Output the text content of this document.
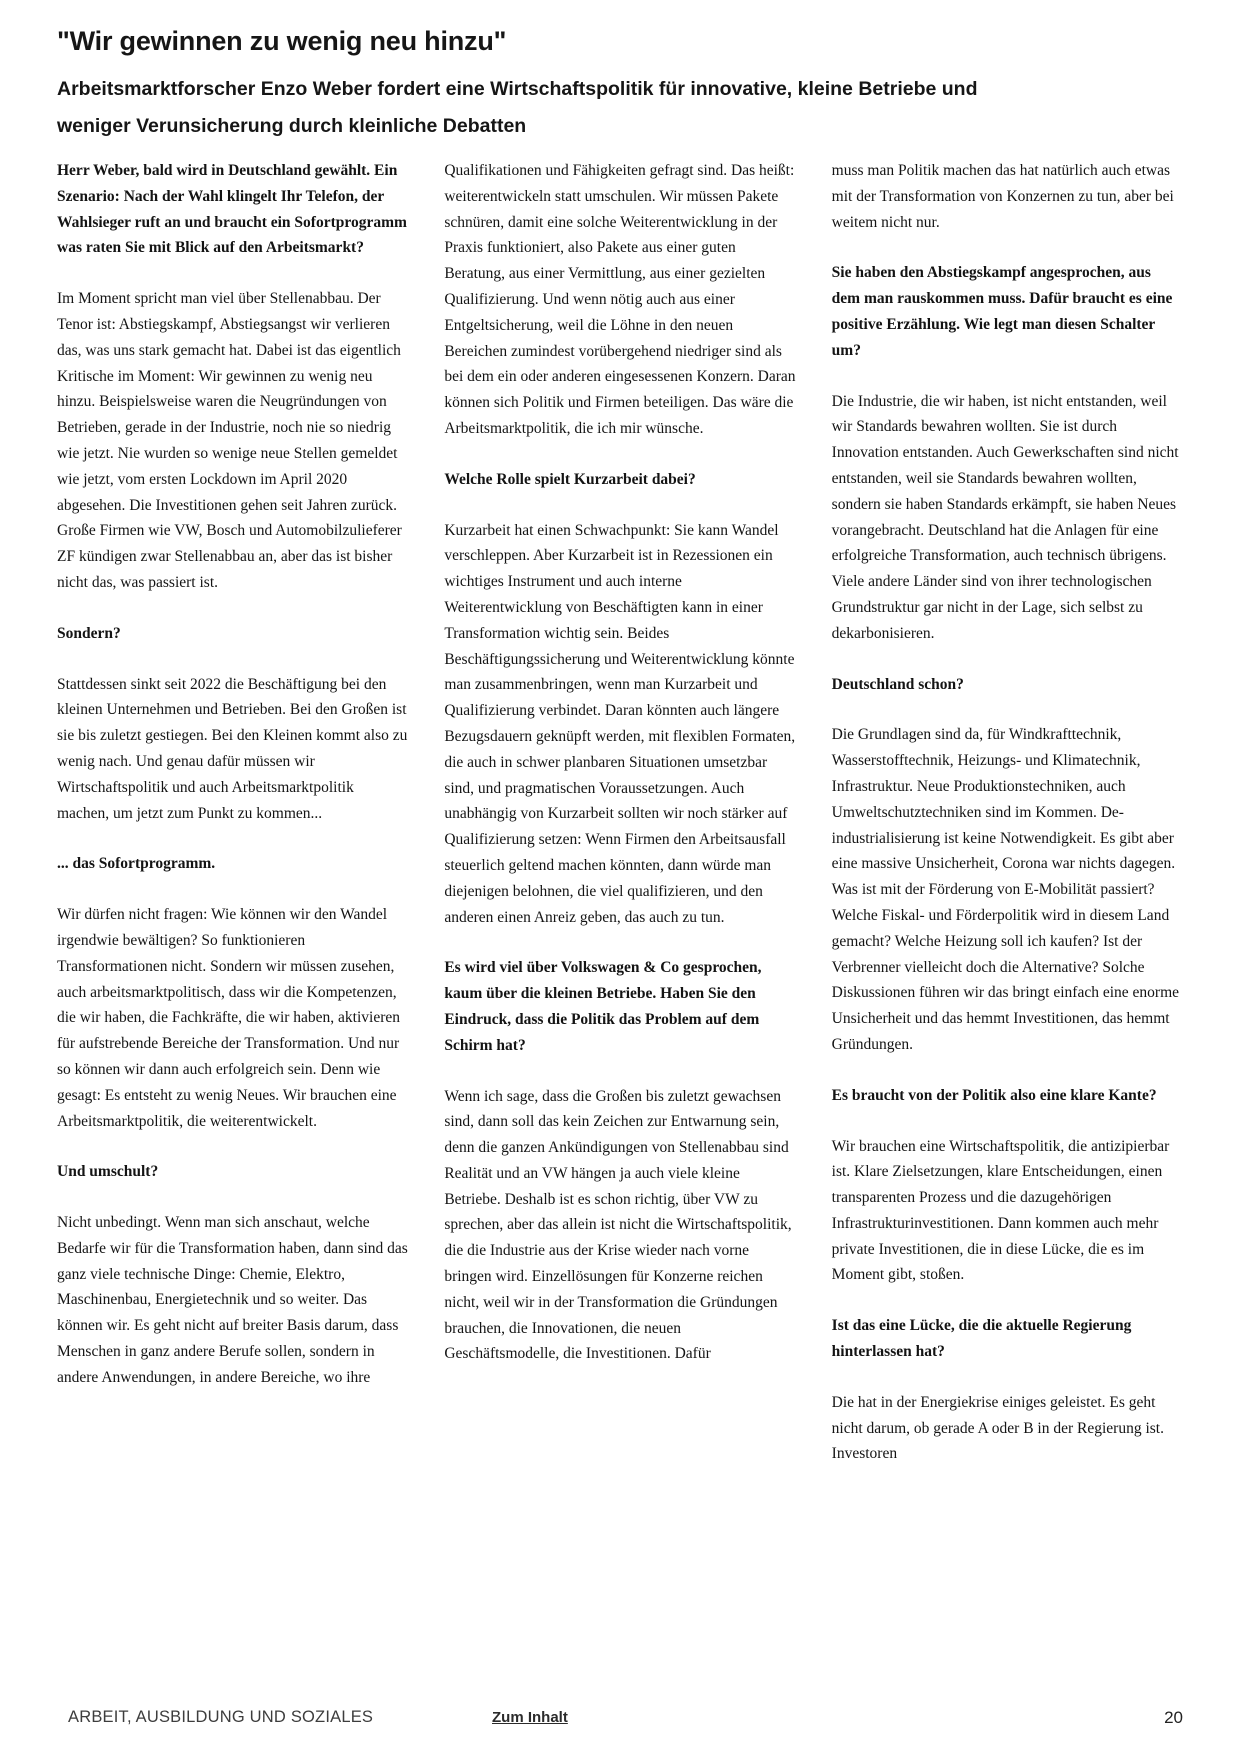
"Wir gewinnen zu wenig neu hinzu"
Arbeitsmarktforscher Enzo Weber fordert eine Wirtschaftspolitik für innovative, kleine Betriebe und weniger Verunsicherung durch kleinliche Debatten

Herr Weber, bald wird in Deutschland gewählt. Ein Szenario: Nach der Wahl klingelt Ihr Telefon, der Wahlsieger ruft an und braucht ein Sofortprogramm was raten Sie mit Blick auf den Arbeitsmarkt?

Im Moment spricht man viel über Stellenabbau. Der Tenor ist: Abstiegskampf, Abstiegsangst wir verlieren das, was uns stark gemacht hat. Dabei ist das eigentlich Kritische im Moment: Wir gewinnen zu wenig neu hinzu. Beispielsweise waren die Neugründungen von Betrieben, gerade in der Industrie, noch nie so niedrig wie jetzt. Nie wurden so wenige neue Stellen gemeldet wie jetzt, vom ersten Lockdown im April 2020 abgesehen. Die Investitionen gehen seit Jahren zurück. Große Firmen wie VW, Bosch und Automobilzulieferer ZF kündigen zwar Stellenabbau an, aber das ist bisher nicht das, was passiert ist.

Sondern?

Stattdessen sinkt seit 2022 die Beschäftigung bei den kleinen Unternehmen und Betrieben. Bei den Großen ist sie bis zuletzt gestiegen. Bei den Kleinen kommt also zu wenig nach. Und genau dafür müssen wir Wirtschaftspolitik und auch Arbeitsmarktpolitik machen, um jetzt zum Punkt zu kommen...

... das Sofortprogramm.

Wir dürfen nicht fragen: Wie können wir den Wandel irgendwie bewältigen? So funktionieren Transformationen nicht. Sondern wir müssen zusehen, auch arbeitsmarktpolitisch, dass wir die Kompetenzen, die wir haben, die Fachkräfte, die wir haben, aktivieren für aufstrebende Bereiche der Transformation. Und nur so können wir dann auch erfolgreich sein. Denn wie gesagt: Es entsteht zu wenig Neues. Wir brauchen eine Arbeitsmarktpolitik, die weiterentwickelt.

Und umschult?

Nicht unbedingt. Wenn man sich anschaut, welche Bedarfe wir für die Transformation haben, dann sind das ganz viele technische Dinge: Chemie, Elektro, Maschinenbau, Energietechnik und so weiter. Das können wir. Es geht nicht auf breiter Basis darum, dass Menschen in ganz andere Berufe sollen, sondern in andere Anwendungen, in andere Bereiche, wo ihre

Qualifikationen und Fähigkeiten gefragt sind. Das heißt: weiterentwickeln statt umschulen. Wir müssen Pakete schnüren, damit eine solche Weiterentwicklung in der Praxis funktioniert, also Pakete aus einer guten Beratung, aus einer Vermittlung, aus einer gezielten Qualifizierung. Und wenn nötig auch aus einer Entgeltsicherung, weil die Löhne in den neuen Bereichen zumindest vorübergehend niedriger sind als bei dem ein oder anderen eingesessenen Konzern. Daran können sich Politik und Firmen beteiligen. Das wäre die Arbeitsmarktpolitik, die ich mir wünsche.

Welche Rolle spielt Kurzarbeit dabei?

Kurzarbeit hat einen Schwachpunkt: Sie kann Wandel verschleppen. Aber Kurzarbeit ist in Rezessionen ein wichtiges Instrument und auch interne Weiterentwicklung von Beschäftigten kann in einer Transformation wichtig sein. Beides Beschäftigungssicherung und Weiterentwicklung könnte man zusammenbringen, wenn man Kurzarbeit und Qualifizierung verbindet. Daran könnten auch längere Bezugsdauern geknüpft werden, mit flexiblen Formaten, die auch in schwer planbaren Situationen umsetzbar sind, und pragmatischen Voraussetzungen. Auch unabhängig von Kurzarbeit sollten wir noch stärker auf Qualifizierung setzen: Wenn Firmen den Arbeitsausfall steuerlich geltend machen könnten, dann würde man diejenigen belohnen, die viel qualifizieren, und den anderen einen Anreiz geben, das auch zu tun.

Es wird viel über Volkswagen & Co gesprochen, kaum über die kleinen Betriebe. Haben Sie den Eindruck, dass die Politik das Problem auf dem Schirm hat?

Wenn ich sage, dass die Großen bis zuletzt gewachsen sind, dann soll das kein Zeichen zur Entwarnung sein, denn die ganzen Ankündigungen von Stellenabbau sind Realität und an VW hängen ja auch viele kleine Betriebe. Deshalb ist es schon richtig, über VW zu sprechen, aber das allein ist nicht die Wirtschaftspolitik, die die Industrie aus der Krise wieder nach vorne bringen wird. Einzellösungen für Konzerne reichen nicht, weil wir in der Transformation die Gründungen brauchen, die Innovationen, die neuen Geschäftsmodelle, die Investitionen. Dafür

muss man Politik machen das hat natürlich auch etwas mit der Transformation von Konzernen zu tun, aber bei weitem nicht nur.

Sie haben den Abstiegskampf angesprochen, aus dem man rauskommen muss. Dafür braucht es eine positive Erzählung. Wie legt man diesen Schalter um?

Die Industrie, die wir haben, ist nicht entstanden, weil wir Standards bewahren wollten. Sie ist durch Innovation entstanden. Auch Gewerkschaften sind nicht entstanden, weil sie Standards bewahren wollten, sondern sie haben Standards erkämpft, sie haben Neues vorangebracht. Deutschland hat die Anlagen für eine erfolgreiche Transformation, auch technisch übrigens. Viele andere Länder sind von ihrer technologischen Grundstruktur gar nicht in der Lage, sich selbst zu dekarbonisieren.

Deutschland schon?

Die Grundlagen sind da, für Windkrafttechnik, Wasserstofftechnik, Heizungs- und Klimatechnik, Infrastruktur. Neue Produktionstechniken, auch Umweltschutztechniken sind im Kommen. De- industrialisierung ist keine Notwendigkeit. Es gibt aber eine massive Unsicherheit, Corona war nichts dagegen. Was ist mit der Förderung von E-Mobilität passiert? Welche Fiskal- und Förderpolitik wird in diesem Land gemacht? Welche Heizung soll ich kaufen? Ist der Verbrenner vielleicht doch die Alternative? Solche Diskussionen führen wir das bringt einfach eine enorme Unsicherheit und das hemmt Investitionen, das hemmt Gründungen.

Es braucht von der Politik also eine klare Kante?

Wir brauchen eine Wirtschaftspolitik, die antizipierbar ist. Klare Zielsetzungen, klare Entscheidungen, einen transparenten Prozess und die dazugehörigen Infrastrukturinvestitionen. Dann kommen auch mehr private Investitionen, die in diese Lücke, die es im Moment gibt, stoßen.

Ist das eine Lücke, die die aktuelle Regierung hinterlassen hat?

Die hat in der Energiekrise einiges geleistet. Es geht nicht darum, ob gerade A oder B in der Regierung ist. Investoren

ARBEIT, AUSBILDUNG UND SOZIALES	Zum Inhalt	20
